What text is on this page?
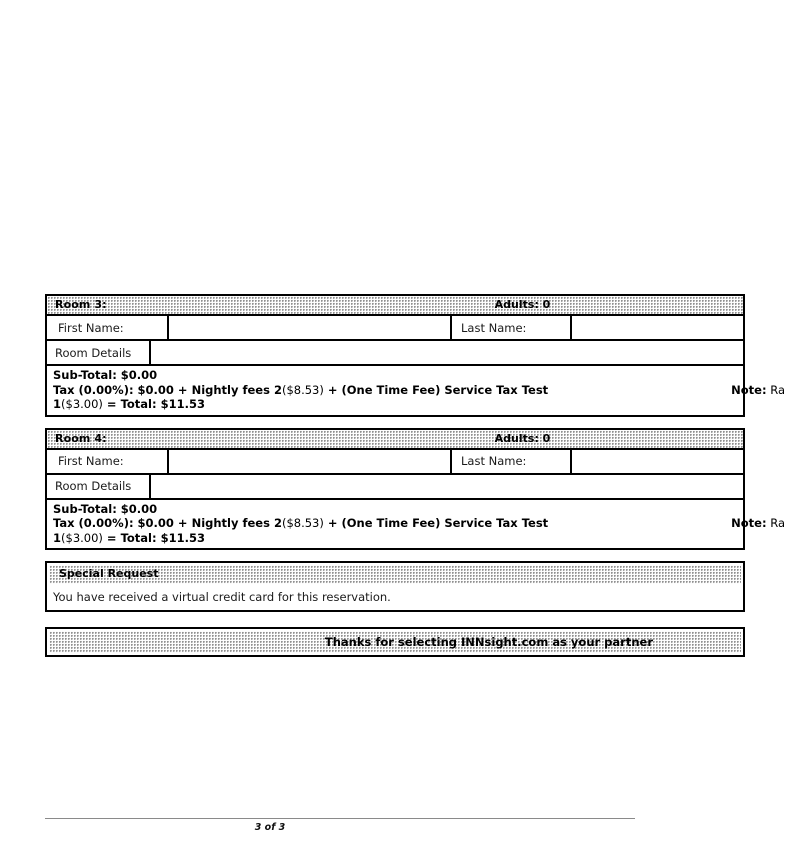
Room 3:	Adults: 0
First Name:	Last Name:
Room Details
Sub-Total: $0.00
Tax (0.00%): $0.00 + Nightly fees 2($8.53) + (One Time Fee) Service Tax Test
1($3.00) = Total: $11.53
Note: Ra
Room 4:	Adults: 0
First Name:	Last Name:
Room Details
Sub-Total: $0.00
Tax (0.00%): $0.00 + Nightly fees 2($8.53) + (One Time Fee) Service Tax Test
1($3.00) = Total: $11.53
Note: Ra
Special Request
You have received a virtual credit card for this reservation.
Thanks for selecting INNsight.com as your partner
3 of 3
